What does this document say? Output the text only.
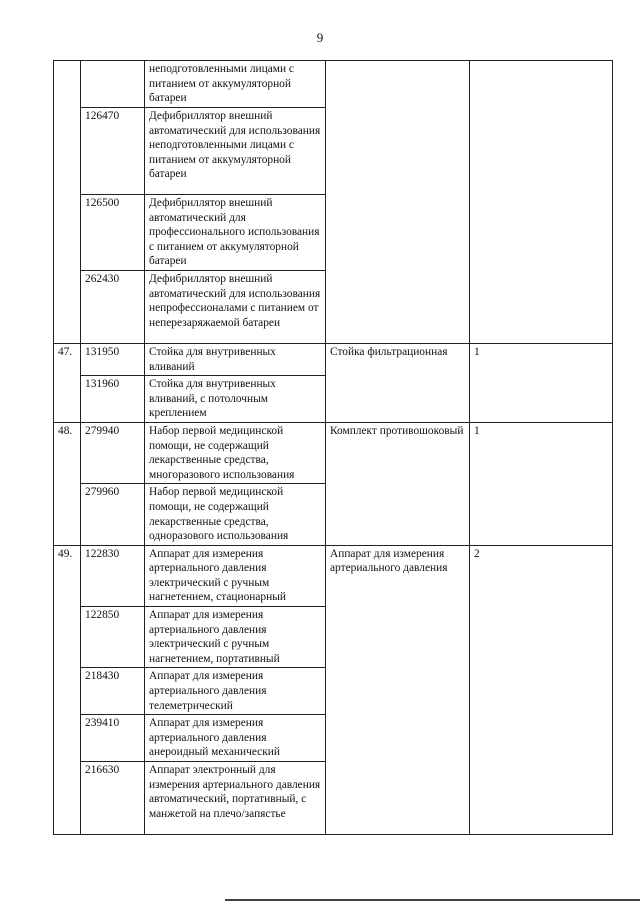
9
		неподготовленными лицами с питанием от аккумуляторной батареи		
	126470	Дефибриллятор внешний автоматический для использования неподготовленными лицами с питанием от аккумуляторной батареи		
	126500	Дефибриллятор внешний автоматический для профессионального использования с питанием от аккумуляторной батареи		
	262430	Дефибриллятор внешний автоматический для использования непрофессионалами с питанием от неперезаряжаемой батареи		
47.	131950	Стойка для внутривенных вливаний	Стойка фильтрационная	1
	131960	Стойка для внутривенных вливаний, с потолочным креплением		
48.	279940	Набор первой медицинской помощи, не содержащий лекарственные средства, многоразового использования	Комплект противошоковый	1
	279960	Набор первой медицинской помощи, не содержащий лекарственные средства, одноразового использования		
49.	122830	Аппарат для измерения артериального давления электрический с ручным нагнетением, стационарный	Аппарат для измерения артериального давления	2
	122850	Аппарат для измерения артериального давления электрический с ручным нагнетением, портативный		
	218430	Аппарат для измерения артериального давления телеметрический		
	239410	Аппарат для измерения артериального давления анероидный механический		
	216630	Аппарат электронный для измерения артериального давления автоматический, портативный, с манжетой на плечо/запястье		
